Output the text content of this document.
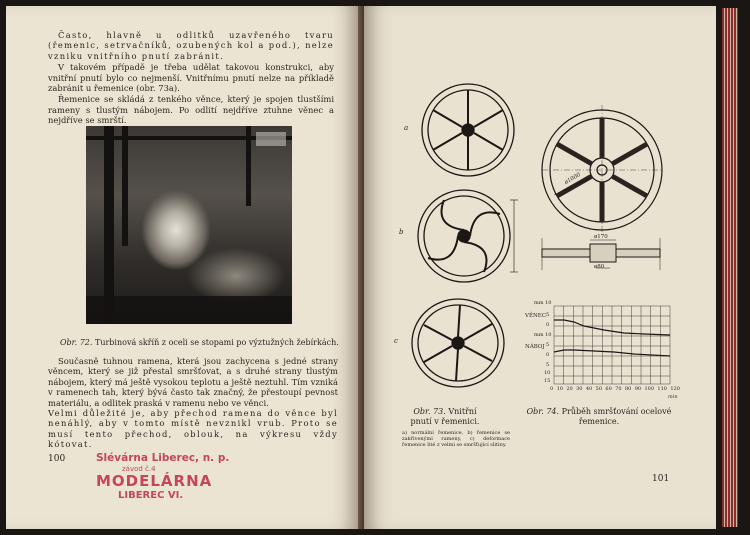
Často, hlavně u odlitků uzavřeného tvaru (řemenic, setrvačníků, ozubených kol a pod.), nelze vzniku vnitřního pnutí zabránit.

V takovém případě je třeba udělat takovou konstrukci, aby vnitřní pnutí bylo co nejmenší. Vnitřnímu pnutí nelze na příkladě zabránit u řemenice (obr. 73a).

Řemenice se skládá z tenkého věnce, který je spojen tlustšími rameny s tlustým nábojem. Po odlití nejdříve ztuhne věnec a nejdříve se smrští.

Obr. 72. Turbinová skříň z oceli se stopami po výztužných žebírkách.

Současně tuhnou ramena, která jsou zachycena s jedné strany věncem, který se již přestal smršťovat, a s druhé strany tlustým nábojem, který má ještě vysokou teplotu a ještě neztuhl. Tím vzniká v ramenech tah, který bývá často tak značný, že přestoupí pevnost materiálu, a odlitek praská v ramenu nebo ve věnci.

Velmi důležité je, aby přechod ramena do věnce byl nenáhlý, aby v tomto místě nevznikl vrub. Proto se musí tento přechod, oblouk, na výkresu vždy kótovat.
100	Slévárna Liberec, n. p.
závod č.4
MODELÁRNA
LIBEREC VI.
a
b
c
ø1000
ø170
ø80
mm 10
VĚNEC 5
0
mm 10
NÁBOJ 5
0
5
10
15
0 10 20 30 40 50 60 70 80 90 100 110 120
min
Obr. 73. Vnitřní pnutí v řemenici.
a) normální řemenice, b) řemenice se zakřivenými rameny, c) deformace řemenice lité z velmi se smršťující slitiny.
Obr. 74. Průběh smršťování ocelové řemenice.
101
